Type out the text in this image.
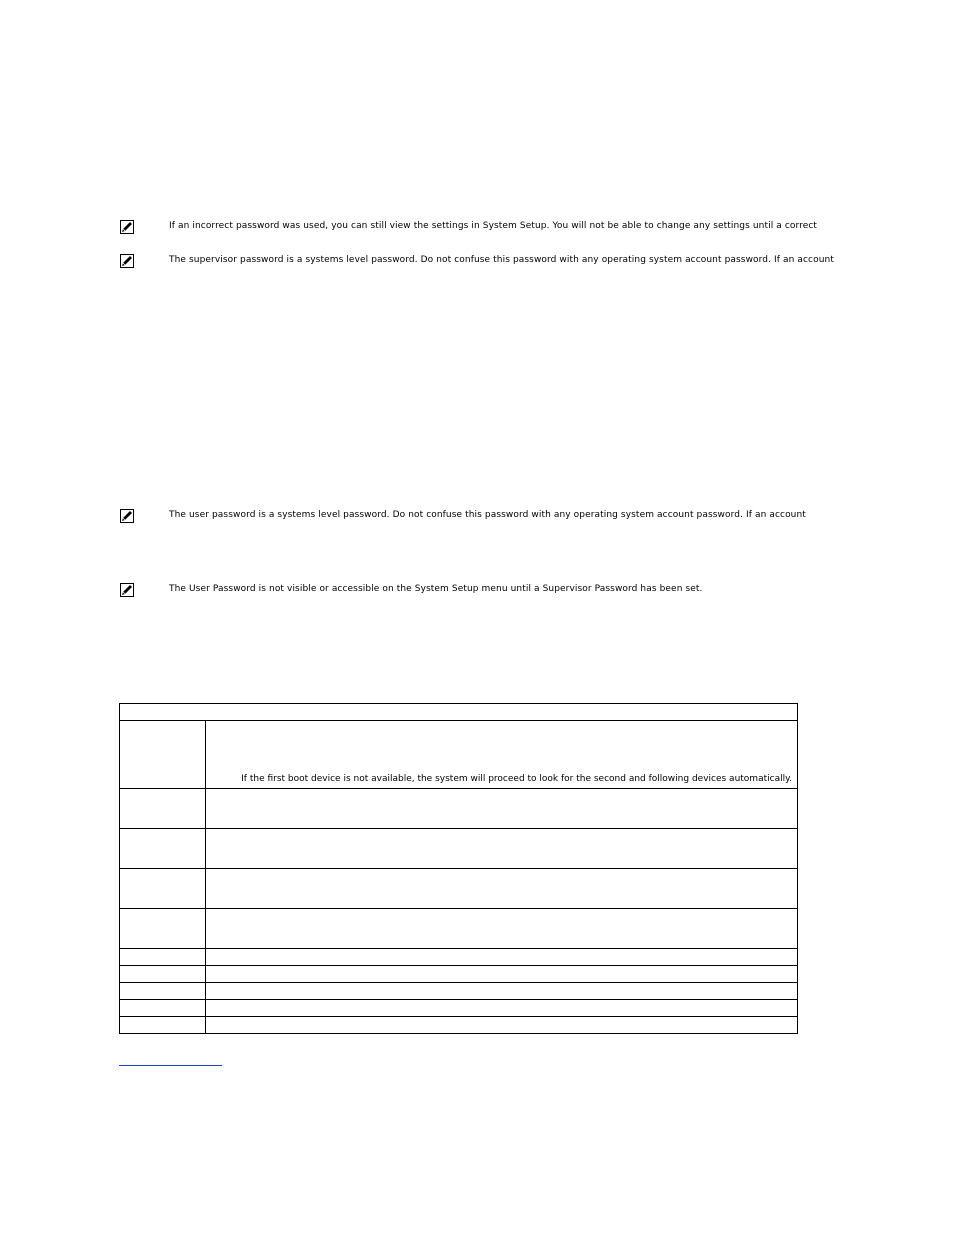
If an incorrect password was used, you can still view the settings in System Setup. You will not be able to change any settings until a correct
The supervisor password is a systems level password. Do not confuse this password with any operating system account password. If an account
The user password is a systems level password. Do not confuse this password with any operating system account password. If an account
The User Password is not visible or accessible on the System Setup menu until a Supervisor Password has been set.

	If the first boot device is not available, the system will proceed to look for the second and following devices automatically.
